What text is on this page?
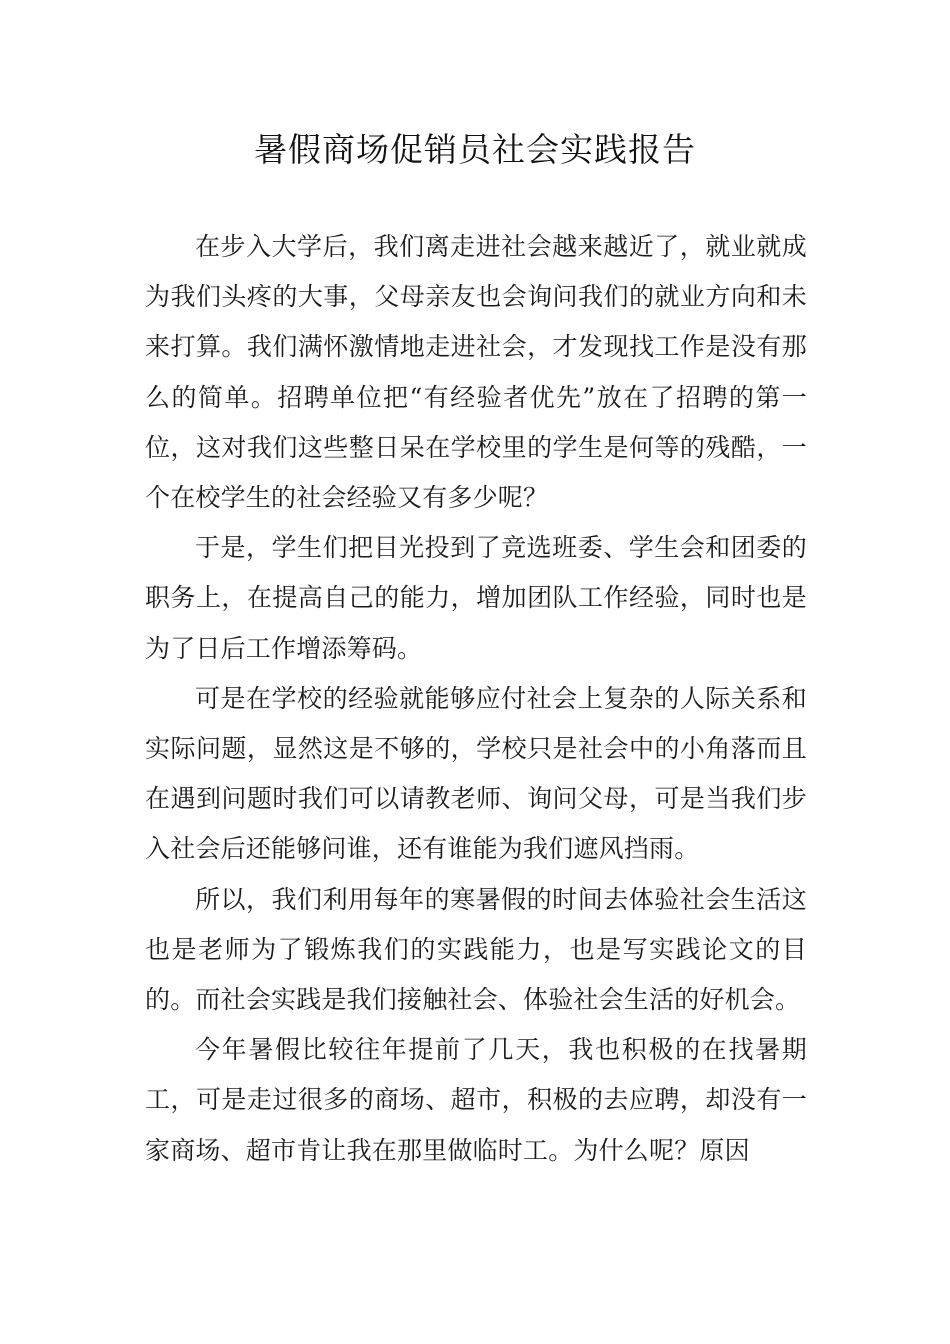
暑假商场促销员社会实践报告

在步入大学后，我们离走进社会越来越近了，就业就成为我们头疼的大事，父母亲友也会询问我们的就业方向和未来打算。我们满怀激情地走进社会，才发现找工作是没有那么的简单。招聘单位把“有经验者优先”放在了招聘的第一位，这对我们这些整日呆在学校里的学生是何等的残酷，一个在校学生的社会经验又有多少呢？

于是，学生们把目光投到了竞选班委、学生会和团委的职务上，在提高自己的能力，增加团队工作经验，同时也是为了日后工作增添筹码。

可是在学校的经验就能够应付社会上复杂的人际关系和实际问题，显然这是不够的，学校只是社会中的小角落而且在遇到问题时我们可以请教老师、询问父母，可是当我们步入社会后还能够问谁，还有谁能为我们遮风挡雨。

所以，我们利用每年的寒暑假的时间去体验社会生活这也是老师为了锻炼我们的实践能力，也是写实践论文的目的。而社会实践是我们接触社会、体验社会生活的好机会。

今年暑假比较往年提前了几天，我也积极的在找暑期工，可是走过很多的商场、超市，积极的去应聘，却没有一家商场、超市肯让我在那里做临时工。为什么呢？原因
